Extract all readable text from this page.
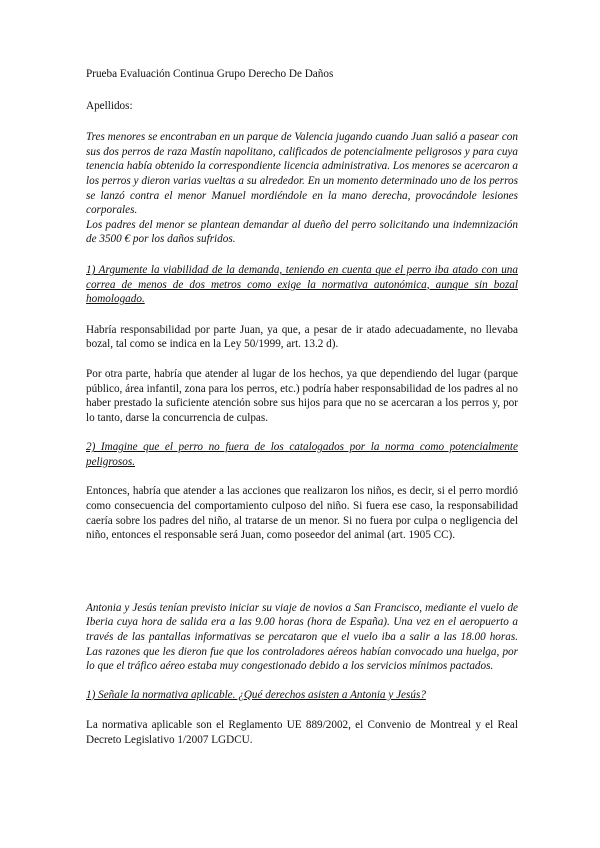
Prueba Evaluación Continua Grupo Derecho De Daños

Apellidos:

Tres menores se encontraban en un parque de Valencia jugando cuando Juan salió a pasear con sus dos perros de raza Mastín napolitano, calificados de potencialmente peligrosos y para cuya tenencia había obtenido la correspondiente licencia administrativa. Los menores se acercaron a los perros y dieron varias vueltas a su alrededor. En un momento determinado uno de los perros se lanzó contra el menor Manuel mordiéndole en la mano derecha, provocándole lesiones corporales.

Los padres del menor se plantean demandar al dueño del perro solicitando una indemnización de 3500 € por los daños sufridos.

1) Argumente la viabilidad de la demanda, teniendo en cuenta que el perro iba atado con una correa de menos de dos metros como exige la normativa autonómica, aunque sin bozal homologado.

Habría responsabilidad por parte Juan, ya que, a pesar de ir atado adecuadamente, no llevaba bozal, tal como se indica en la Ley 50/1999, art. 13.2 d).

Por otra parte, habría que atender al lugar de los hechos, ya que dependiendo del lugar (parque público, área infantil, zona para los perros, etc.) podría haber responsabilidad de los padres al no haber prestado la suficiente atención sobre sus hijos para que no se acercaran a los perros y, por lo tanto, darse la concurrencia de culpas.

2) Imagine que el perro no fuera de los catalogados por la norma como potencialmente peligrosos.

Entonces, habría que atender a las acciones que realizaron los niños, es decir, si el perro mordió como consecuencia del comportamiento culposo del niño. Si fuera ese caso, la responsabilidad caería sobre los padres del niño, al tratarse de un menor. Si no fuera por culpa o negligencia del niño, entonces el responsable será Juan, como poseedor del animal (art. 1905 CC).

Antonia y Jesús tenían previsto iniciar su viaje de novios a San Francisco, mediante el vuelo de Iberia cuya hora de salida era a las 9.00 horas (hora de España). Una vez en el aeropuerto a través de las pantallas informativas se percataron que el vuelo iba a salir a las 18.00 horas. Las razones que les dieron fue que los controladores aéreos habían convocado una huelga, por lo que el tráfico aéreo estaba muy congestionado debido a los servicios mínimos pactados.

1) Señale la normativa aplicable. ¿Qué derechos asisten a Antonia y Jesús?

La normativa aplicable son el Reglamento UE 889/2002, el Convenio de Montreal y el Real Decreto Legislativo 1/2007 LGDCU.
